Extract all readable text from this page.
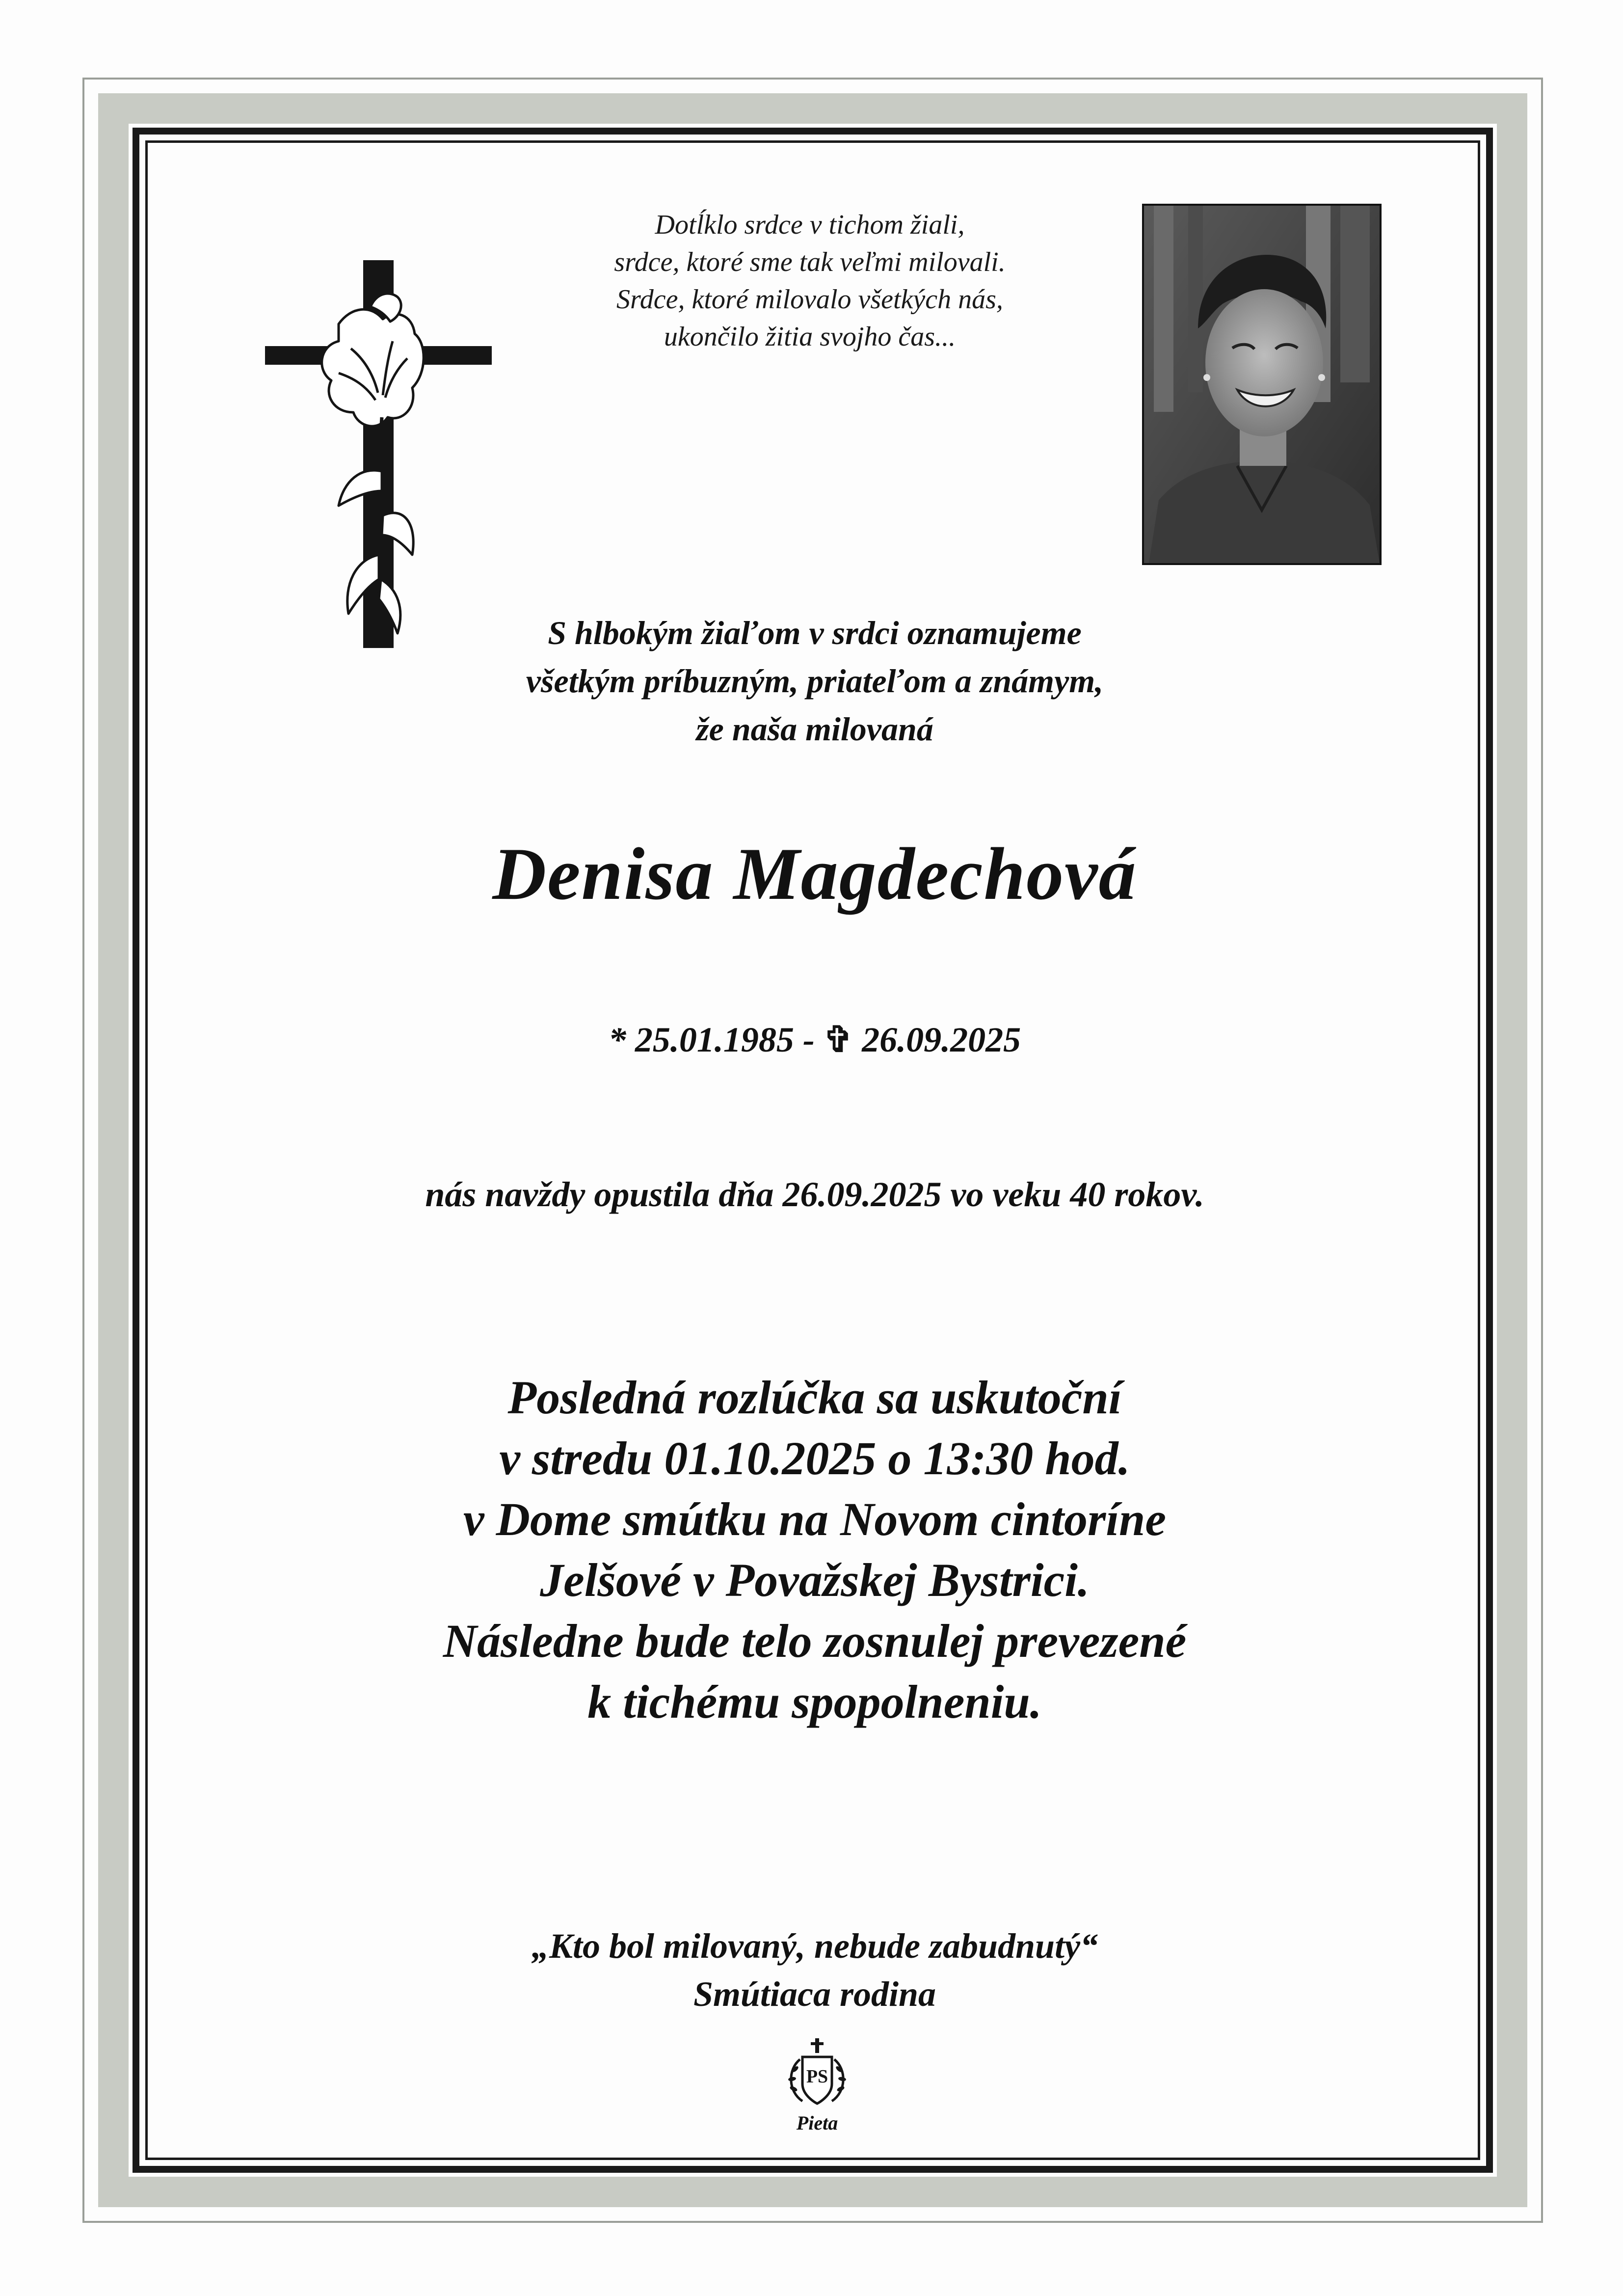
Dotĺklo srdce v tichom žiali,
srdce, ktoré sme tak veľmi milovali.
Srdce, ktoré milovalo všetkých nás,
ukončilo žitia svojho čas...
S hlbokým žiaľom v srdci oznamujeme
všetkým príbuzným, priateľom a známym,
že naša milovaná
Denisa Magdechová
* 25.01.1985 - ✞ 26.09.2025
nás navždy opustila dňa 26.09.2025 vo veku 40 rokov.
Posledná rozlúčka sa uskutoční
v stredu 01.10.2025 o 13:30 hod.
v Dome smútku na Novom cintoríne
Jelšové v Považskej Bystrici.
Následne bude telo zosnulej prevezené
k tichému spopolneniu.
„Kto bol milovaný, nebude zabudnutý“
Smútiaca rodina
PS
Pieta
